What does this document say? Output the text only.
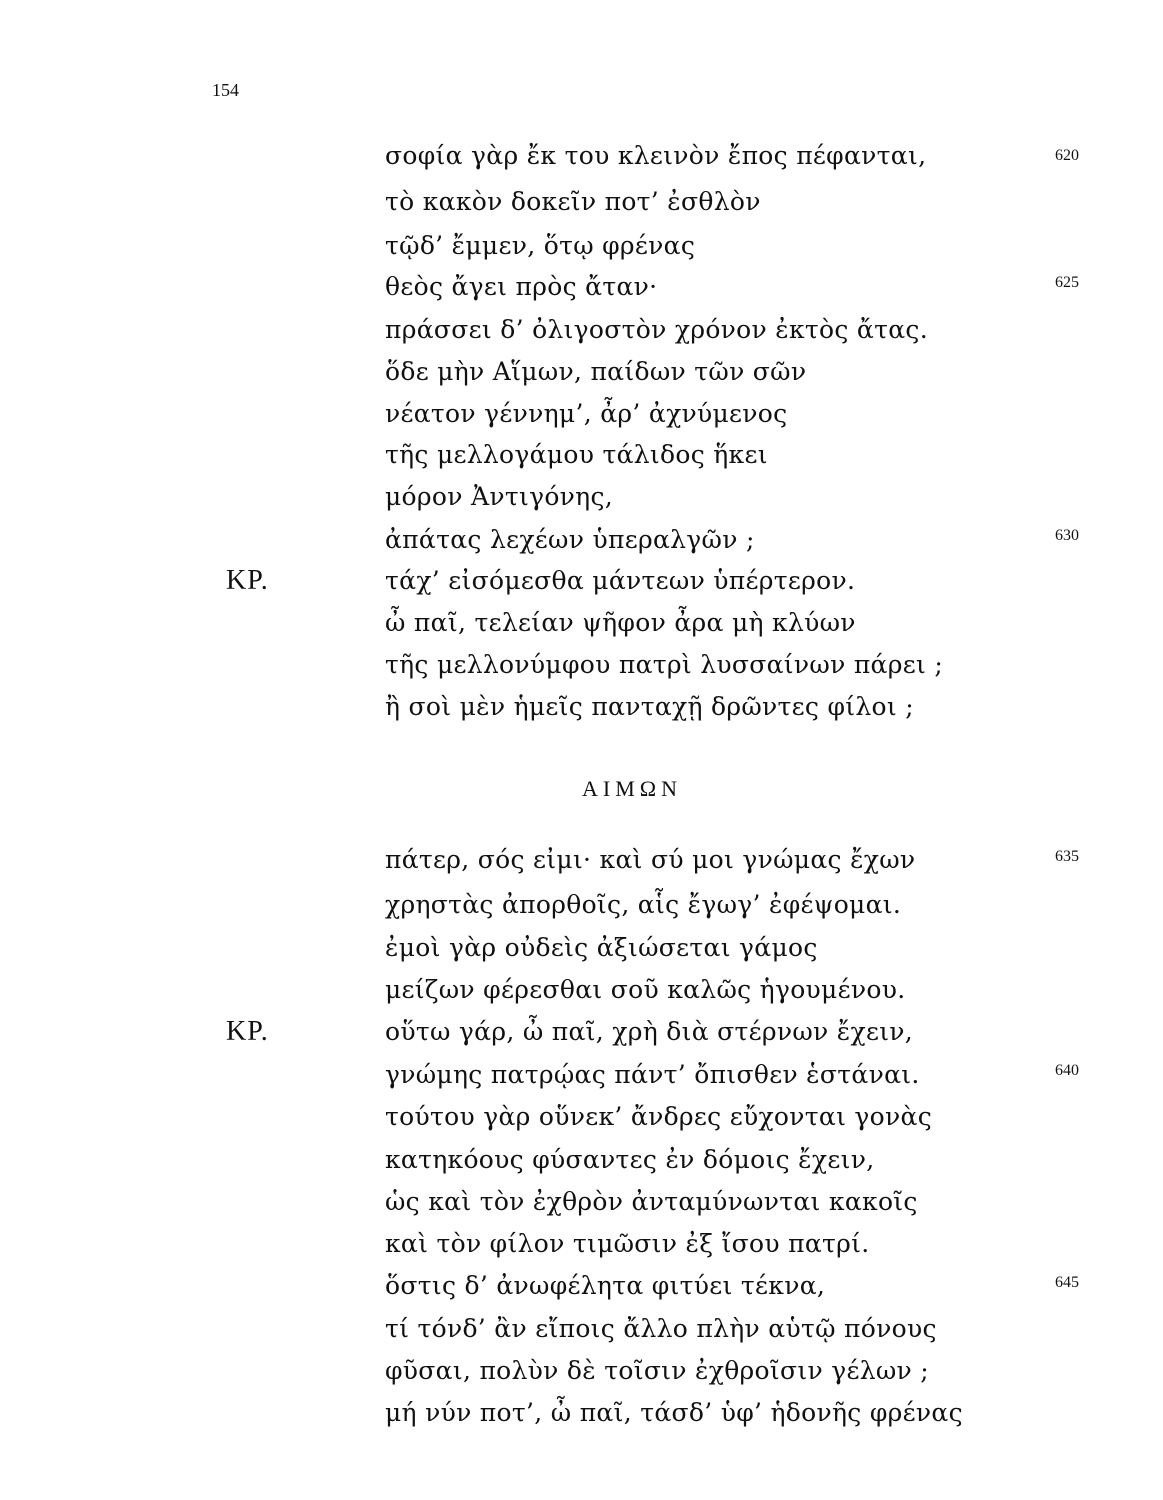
154
σοφία γὰρ ἔκ του κλεινὸν ἔπος πέφανται,	620
τὸ κακὸν δοκεῖν ποτ’ ἐσθλὸν
τῷδ’ ἔμμεν, ὅτῳ φρένας
θεὸς ἄγει πρὸς ἄταν·	625
πράσσει δ’ ὀλιγοστὸν χρόνον ἐκτὸς ἄτας.
ὅδε μὴν Αἵμων, παίδων τῶν σῶν
νέατον γέννημ’, ἆρ’ ἀχνύμενος
τῆς μελλογάμου τάλιδος ἥκει
μόρον Ἀντιγόνης,
ἀπάτας λεχέων ὑπεραλγῶν ;	630
ΚΡ.	τάχ’ εἰσόμεσθα μάντεων ὑπέρτερον.
ὦ παῖ, τελείαν ψῆφον ἆρα μὴ κλύων
τῆς μελλονύμφου πατρὶ λυσσαίνων πάρει ;
ἢ σοὶ μὲν ἡμεῖς πανταχῇ δρῶντες φίλοι ;
ΑΙΜΩΝ
πάτερ, σός εἰμι· καὶ σύ μοι γνώμας ἔχων	635
χρηστὰς ἀπορθοῖς, αἷς ἔγωγ’ ἐφέψομαι.
ἐμοὶ γὰρ οὐδεὶς ἀξιώσεται γάμος
μείζων φέρεσθαι σοῦ καλῶς ἡγουμένου.
ΚΡ.	οὕτω γάρ, ὦ παῖ, χρὴ διὰ στέρνων ἔχειν,
γνώμης πατρῴας πάντ’ ὄπισθεν ἑστάναι.	640
τούτου γὰρ οὕνεκ’ ἄνδρες εὔχονται γονὰς
κατηκόους φύσαντες ἐν δόμοις ἔχειν,
ὡς καὶ τὸν ἐχθρὸν ἀνταμύνωνται κακοῖς
καὶ τὸν φίλον τιμῶσιν ἐξ ἴσου πατρί.
ὅστις δ’ ἀνωφέλητα φιτύει τέκνα,	645
τί τόνδ’ ἂν εἴποις ἄλλο πλὴν αὑτῷ πόνους
φῦσαι, πολὺν δὲ τοῖσιν ἐχθροῖσιν γέλων ;
μή νύν ποτ’, ὦ παῖ, τάσδ’ ὑφ’ ἡδονῆς φρένας
